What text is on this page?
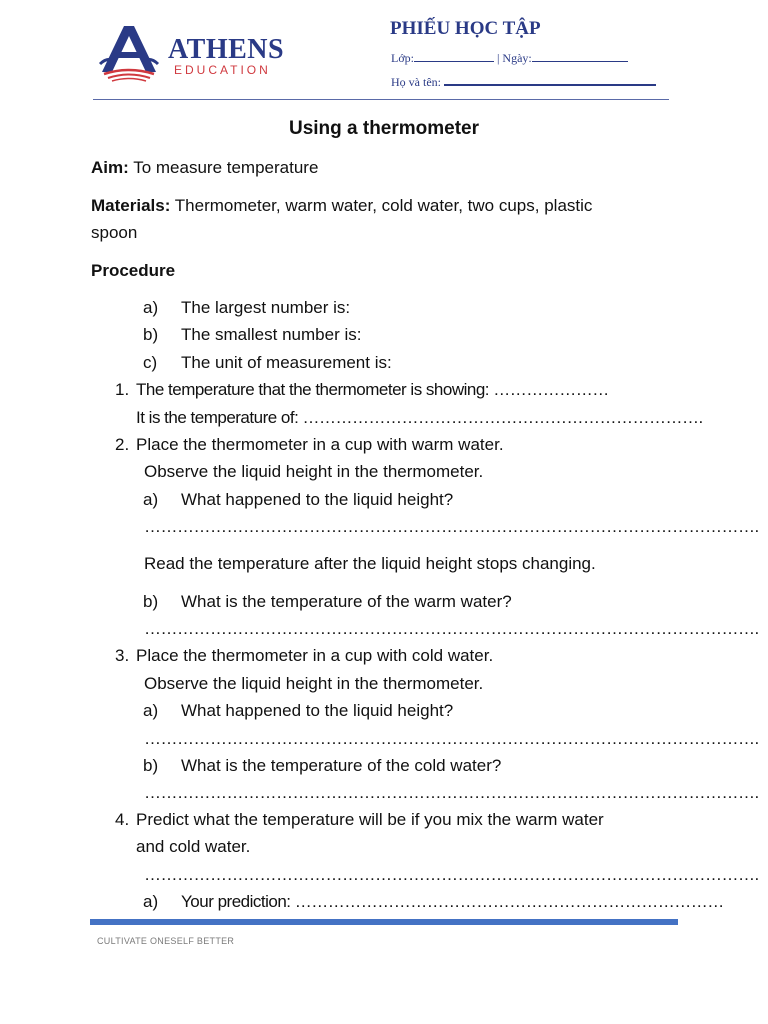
ATHENS
EDUCATION
PHIẾU HỌC TẬP
Lớp:	| Ngày:
Họ và tên:
Using a thermometer
Aim: To measure temperature
Materials: Thermometer, warm water, cold water, two cups, plastic
spoon
Procedure
a) The largest number is:
b) The smallest number is:
c) The unit of measurement is:
1. The temperature that the thermometer is showing: …………………
It is the temperature of: ……………………………………………………………….
2. Place the thermometer in a cup with warm water.
Observe the liquid height in the thermometer.
a) What happened to the liquid height?
………………………………………………………………………………………………….
Read the temperature after the liquid height stops changing.
b) What is the temperature of the warm water?
………………………………………………………………………………………………….
3. Place the thermometer in a cup with cold water.
Observe the liquid height in the thermometer.
a) What happened to the liquid height?
………………………………………………………………………………………………….
b) What is the temperature of the cold water?
………………………………………………………………………………………………….
4. Predict what the temperature will be if you mix the warm water
and cold water.
………………………………………………………………………………………………….
a) Your prediction: ……………………………………………………………………
CULTIVATE ONESELF BETTER
